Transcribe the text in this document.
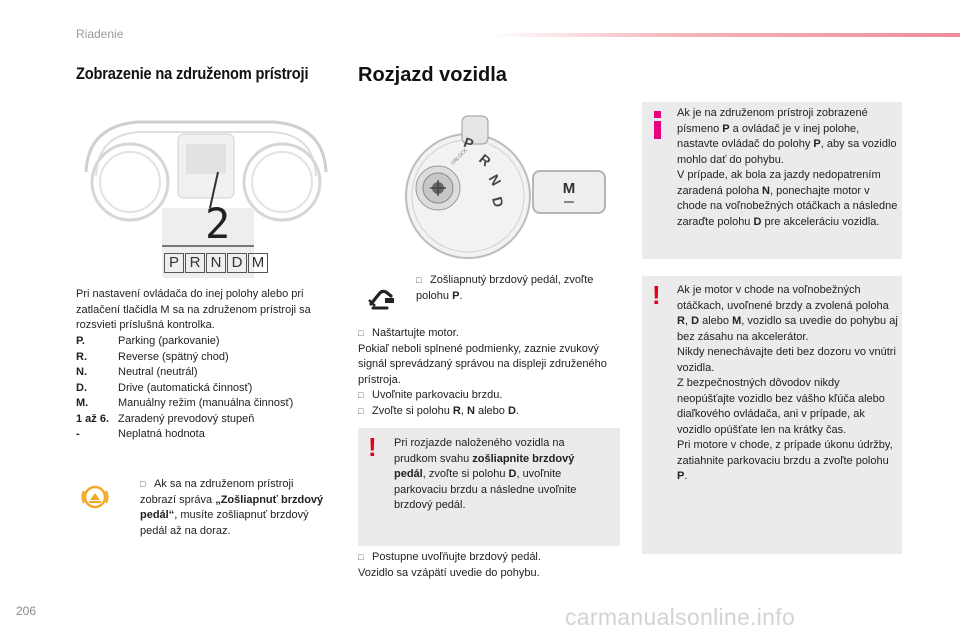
Riadenie
Zobrazenie na združenom prístroji
2
P R N D M
Pri nastavení ovládača do inej polohy alebo pri zatlačení tlačidla M sa na združenom prístroji sa rozsvieti príslušná kontrolka.
P.	Parking (parkovanie)
R.	Reverse (spätný chod)
N.	Neutral (neutrál)
D.	Drive (automatická činnosť)
M.	Manuálny režim (manuálna činnosť)
1 až 6. Zaradený prevodový stupeň
-	Neplatná hodnota
□ Ak sa na združenom prístroji zobrazí správa „Zošliapnuť brzdový pedál“, musíte zošliapnuť brzdový pedál až na doraz.
Rozjazd vozidla
P
R
N
D
UNLOCK
M
□ Zošliapnutý brzdový pedál, zvoľte polohu P.
□ Naštartujte motor.
Pokiaľ neboli splnené podmienky, zaznie zvukový signál sprevádzaný správou na displeji združeného prístroja.
□ Uvoľnite parkovaciu brzdu.
□ Zvoľte si polohu R, N alebo D.
! Pri rozjazde naloženého vozidla na prudkom svahu zošliapnite brzdový pedál, zvoľte si polohu D, uvoľnite parkovaciu brzdu a následne uvoľnite brzdový pedál.
□ Postupne uvoľňujte brzdový pedál.
Vozidlo sa vzápätí uvedie do pohybu.
Ak je na združenom prístroji zobrazené písmeno P a ovládač je v inej polohe, nastavte ovládač do polohy P, aby sa vozidlo mohlo dať do pohybu.
V prípade, ak bola za jazdy nedopatrením zaradená poloha N, ponechajte motor v chode na voľnobežných otáčkach a následne zaraďte polohu D pre akceleráciu vozidla.
! Ak je motor v chode na voľnobežných otáčkach, uvoľnené brzdy a zvolená poloha R, D alebo M, vozidlo sa uvedie do pohybu aj bez zásahu na akcelerátor.
Nikdy nenechávajte deti bez dozoru vo vnútri vozidla.
Z bezpečnostných dôvodov nikdy neopúšťajte vozidlo bez vášho kľúča alebo diaľkového ovládača, ani v prípade, ak vozidlo opúšťate len na krátky čas.
Pri motore v chode, z prípade úkonu údržby, zatiahnite parkovaciu brzdu a zvoľte polohu P.
206	carmanualsonline.info
